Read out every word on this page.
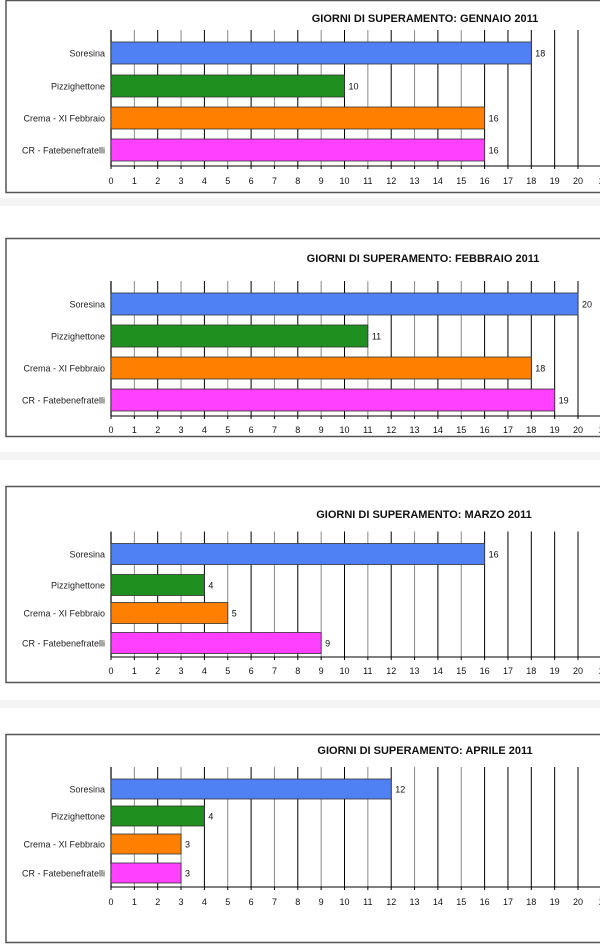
GIORNI DI SUPERAMENTO: GENNAIO 2011
0 1 2 3 4 5 6 7 8 9 10 11 12 13 14 15 16 17 18 19 20
Soresina	18
Pizzighettone	10
Crema - XI Febbraio	16
CR - Fatebenefratelli	16
GIORNI DI SUPERAMENTO: FEBBRAIO 2011
0 1 2 3 4 5 6 7 8 9 10 11 12 13 14 15 16 17 18 19 20
Soresina	20
Pizzighettone	11
Crema - XI Febbraio	18
CR - Fatebenefratelli	19
GIORNI DI SUPERAMENTO: MARZO 2011
0 1 2 3 4 5 6 7 8 9 10 11 12 13 14 15 16 17 18 19 20
Soresina	16
Pizzighettone	4
Crema - XI Febbraio	5
CR - Fatebenefratelli	9
GIORNI DI SUPERAMENTO: APRILE 2011
0 1 2 3 4 5 6 7 8 9 10 11 12 13 14 15 16 17 18 19 20
Soresina	12
Pizzighettone	4
Crema - XI Febbraio	3
CR - Fatebenefratelli	3
